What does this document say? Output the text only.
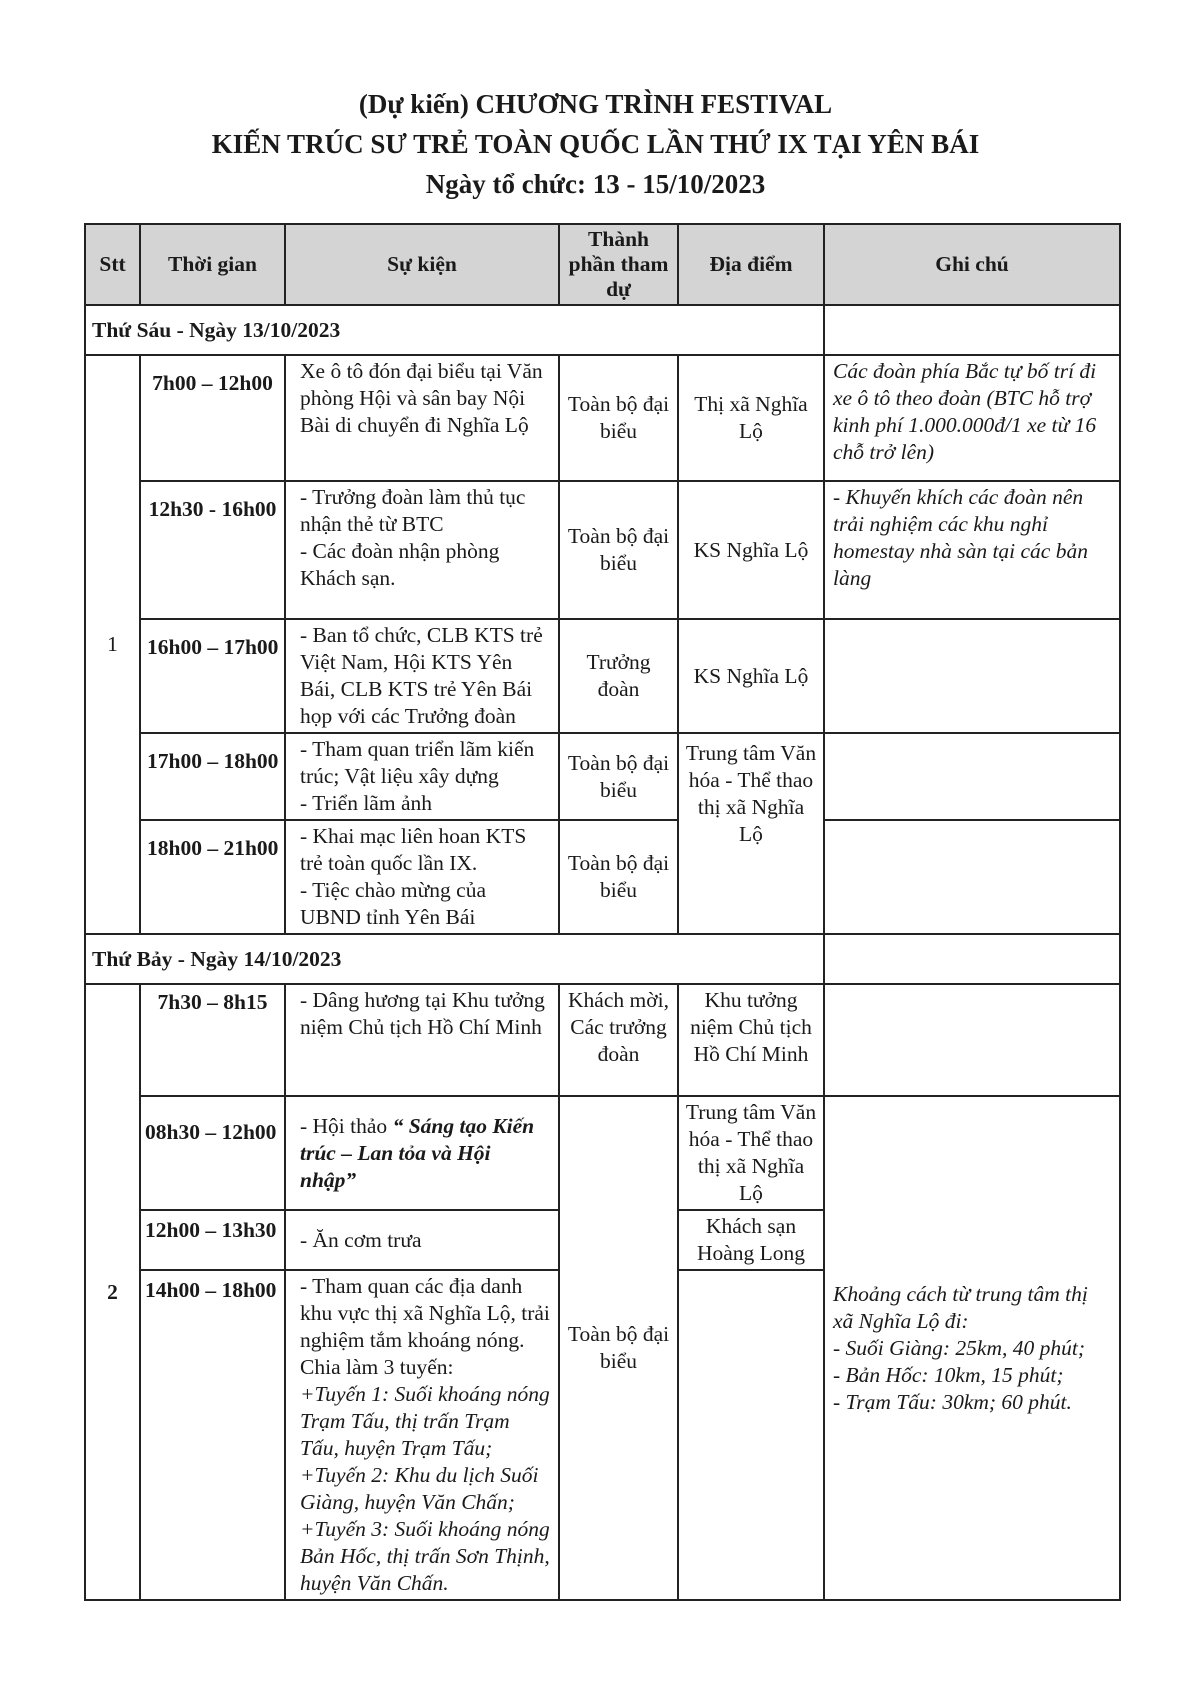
(Dự kiến) CHƯƠNG TRÌNH FESTIVAL
KIẾN TRÚC SƯ TRẺ TOÀN QUỐC LẦN THỨ IX TẠI YÊN BÁI
Ngày tổ chức: 13 - 15/10/2023
Stt	Thời gian	Sự kiện	Thành phần tham dự	Địa điểm	Ghi chú
Thứ Sáu - Ngày 13/10/2023					
1	7h00 – 12h00	Xe ô tô đón đại biểu tại Văn phòng Hội và sân bay Nội Bài di chuyển đi Nghĩa Lộ	Toàn bộ đại biểu	Thị xã Nghĩa Lộ	Các đoàn phía Bắc tự bố trí đi xe ô tô theo đoàn (BTC hỗ trợ kinh phí 1.000.000đ/1 xe từ 16 chỗ trở lên)
	12h30 - 16h00	- Trưởng đoàn làm thủ tục nhận thẻ từ BTC
- Các đoàn nhận phòng Khách sạn.	Toàn bộ đại biểu	KS Nghĩa Lộ	- Khuyến khích các đoàn nên trải nghiệm các khu nghỉ homestay nhà sàn tại các bản làng
	16h00 – 17h00	- Ban tổ chức, CLB KTS trẻ Việt Nam, Hội KTS Yên Bái, CLB KTS trẻ Yên Bái họp với các Trưởng đoàn	Trưởng đoàn	KS Nghĩa Lộ	
	17h00 – 18h00	- Tham quan triển lãm kiến trúc; Vật liệu xây dựng
- Triển lãm ảnh	Toàn bộ đại biểu	Trung tâm Văn hóa - Thể thao thị xã Nghĩa Lộ	
	18h00 – 21h00	- Khai mạc liên hoan KTS trẻ toàn quốc lần IX.
- Tiệc chào mừng của UBND tỉnh Yên Bái	Toàn bộ đại biểu		
Thứ Bảy - Ngày 14/10/2023					
2	7h30 – 8h15	- Dâng hương tại Khu tưởng niệm Chủ tịch Hồ Chí Minh	Khách mời, Các trưởng đoàn	Khu tưởng niệm Chủ tịch Hồ Chí Minh	
	08h30 – 12h00	- Hội thảo “ Sáng tạo Kiến trúc – Lan tỏa và Hội nhập”	Toàn bộ đại biểu	Trung tâm Văn hóa - Thể thao thị xã Nghĩa Lộ	Khoảng cách từ trung tâm thị xã Nghĩa Lộ đi:
- Suối Giàng: 25km, 40 phút;
- Bản Hốc: 10km, 15 phút;
- Trạm Tấu: 30km; 60 phút.

	12h00 – 13h30	- Ăn cơm trưa		Khách sạn Hoàng Long	
	14h00 – 18h00	- Tham quan các địa danh khu vực thị xã Nghĩa Lộ, trải nghiệm tắm khoáng nóng. Chia làm 3 tuyến:
+Tuyến 1: Suối khoáng nóng Trạm Tấu, thị trấn Trạm Tấu, huyện Trạm Tấu;
+Tuyến 2: Khu du lịch Suối Giàng, huyện Văn Chấn;
+Tuyến 3: Suối khoáng nóng Bản Hốc, thị trấn Sơn Thịnh, huyện Văn Chấn.			
